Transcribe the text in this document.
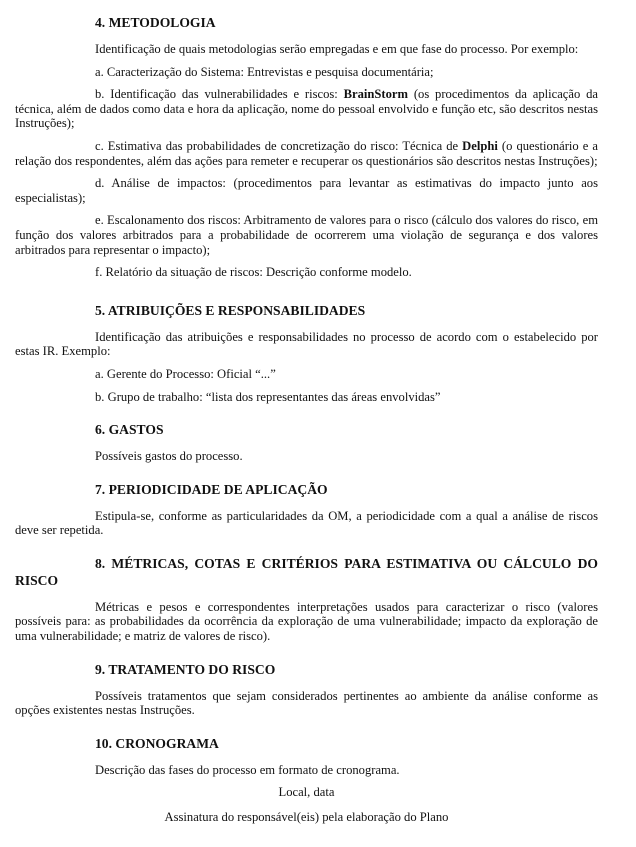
4. METODOLOGIA

Identificação de quais metodologias serão empregadas e em que fase do processo. Por exemplo:

a. Caracterização do Sistema: Entrevistas e pesquisa documentária;

b. Identificação das vulnerabilidades e riscos: BrainStorm (os procedimentos da aplicação da técnica, além de dados como data e hora da aplicação, nome do pessoal envolvido e função etc, são descritos nestas Instruções);

c. Estimativa das probabilidades de concretização do risco: Técnica de Delphi (o questionário e a relação dos respondentes, além das ações para remeter e recuperar os questionários são descritos nestas Instruções);

d. Análise de impactos: (procedimentos para levantar as estimativas do impacto junto aos especialistas);

e. Escalonamento dos riscos: Arbitramento de valores para o risco (cálculo dos valores do risco, em função dos valores arbitrados para a probabilidade de ocorrerem uma violação de segurança e dos valores arbitrados para representar o impacto);

f. Relatório da situação de riscos: Descrição conforme modelo.

5. ATRIBUIÇÕES E RESPONSABILIDADES

Identificação das atribuições e responsabilidades no processo de acordo com o estabelecido por estas IR. Exemplo:

a. Gerente do Processo: Oficial “...”

b. Grupo de trabalho: “lista dos representantes das áreas envolvidas”

6. GASTOS

Possíveis gastos do processo.

7. PERIODICIDADE DE APLICAÇÃO

Estipula-se, conforme as particularidades da OM, a periodicidade com a qual a análise de riscos deve ser repetida.

8. MÉTRICAS, COTAS E CRITÉRIOS PARA ESTIMATIVA OU CÁLCULO DO RISCO

Métricas e pesos e correspondentes interpretações usados para caracterizar o risco (valores possíveis para: as probabilidades da ocorrência da exploração de uma vulnerabilidade; impacto da exploração de uma vulnerabilidade; e matriz de valores de risco).

9. TRATAMENTO DO RISCO

Possíveis tratamentos que sejam considerados pertinentes ao ambiente da análise conforme as opções existentes nestas Instruções.

10. CRONOGRAMA

Descrição das fases do processo em formato de cronograma.

Local, data

Assinatura do responsável(eis) pela elaboração do Plano
